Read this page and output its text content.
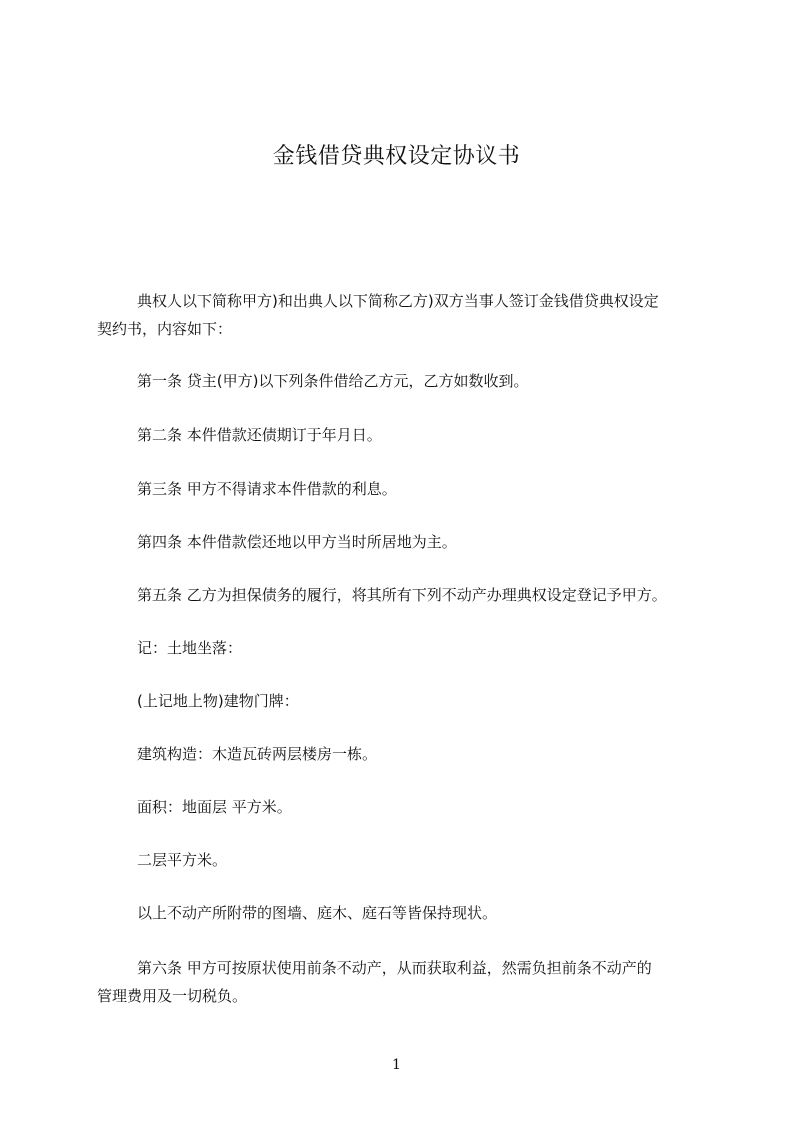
金钱借贷典权设定协议书
典权人以下简称甲方)和出典人以下简称乙方)双方当事人签订金钱借贷典权设定
契约书，内容如下：
第一条 贷主(甲方)以下列条件借给乙方元，乙方如数收到。
第二条 本件借款还债期订于年月日。
第三条 甲方不得请求本件借款的利息。
第四条 本件借款偿还地以甲方当时所居地为主。
第五条 乙方为担保债务的履行，将其所有下列不动产办理典权设定登记予甲方。
记：土地坐落：
(上记地上物)建物门牌：
建筑构造：木造瓦砖两层楼房一栋。
面积：地面层 平方米。
二层平方米。
以上不动产所附带的图墙、庭木、庭石等皆保持现状。
第六条 甲方可按原状使用前条不动产，从而获取利益，然需负担前条不动产的
管理费用及一切税负。
1
